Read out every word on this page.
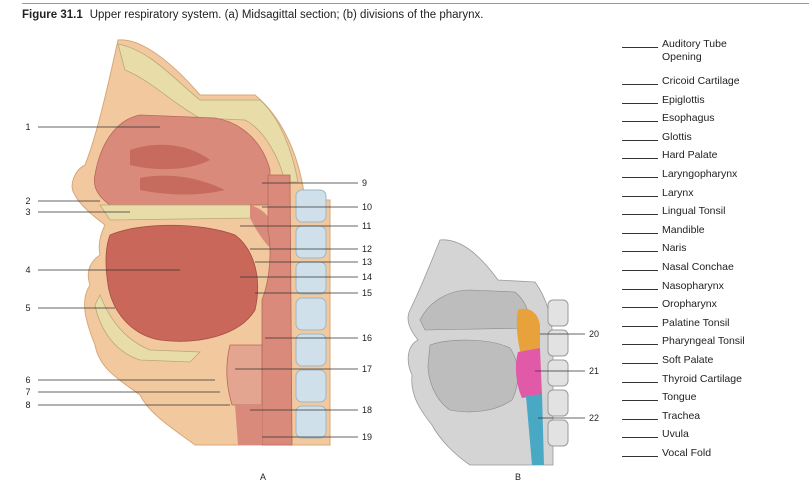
Figure 31.1 Upper respiratory system. (a) Midsagittal section; (b) divisions of the pharynx.
1
2
3
4
5
6
7
8
9
10
11
12
13
14
15
16
17
18
19
A
20
21
22
B
Auditory Tube Opening
Cricoid Cartilage
Epiglottis
Esophagus
Glottis
Hard Palate
Laryngopharynx
Larynx
Lingual Tonsil
Mandible
Naris
Nasal Conchae
Nasopharynx
Oropharynx
Palatine Tonsil
Pharyngeal Tonsil
Soft Palate
Thyroid Cartilage
Tongue
Trachea
Uvula
Vocal Fold
